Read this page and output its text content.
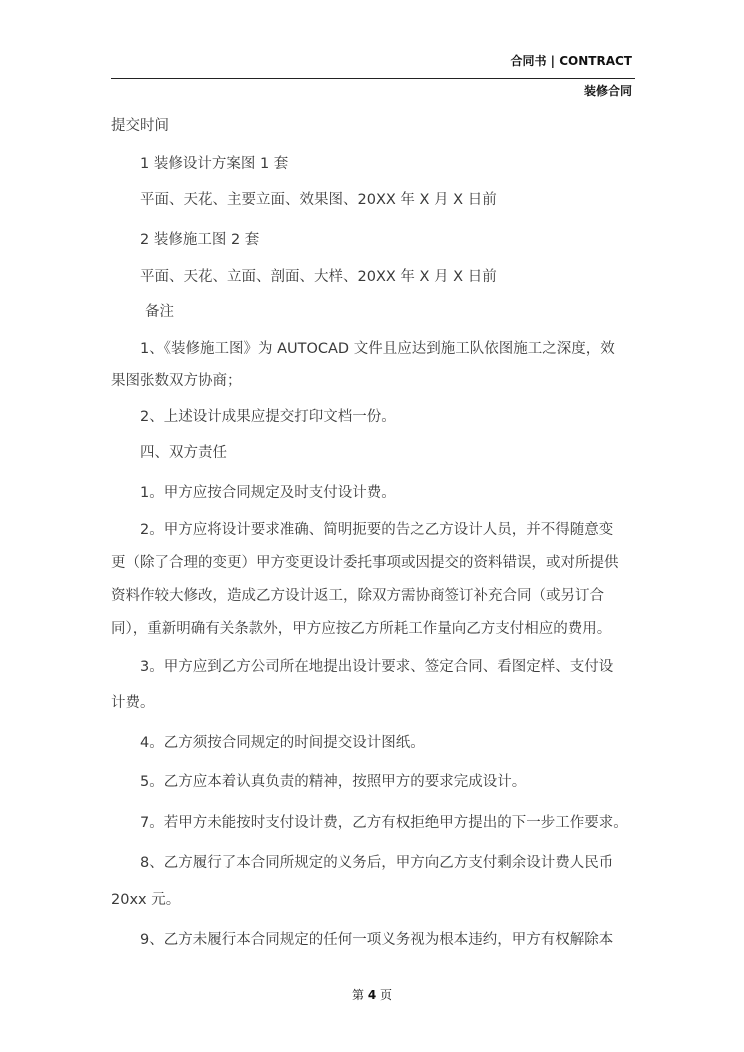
合同书 | CONTRACT
装修合同
提交时间
1 装修设计方案图 1 套
平面、天花、主要立面、效果图、20XX 年 X 月 X 日前
2 装修施工图 2 套
平面、天花、立面、剖面、大样、20XX 年 X 月 X 日前
备注
1、《装修施工图》为 AUTOCAD 文件且应达到施工队依图施工之深度，效
果图张数双方协商；
2、上述设计成果应提交打印文档一份。
四、双方责任
1。甲方应按合同规定及时支付设计费。
2。甲方应将设计要求准确、简明扼要的告之乙方设计人员，并不得随意变
更（除了合理的变更）甲方变更设计委托事项或因提交的资料错误，或对所提供
资料作较大修改，造成乙方设计返工，除双方需协商签订补充合同（或另订合
同），重新明确有关条款外，甲方应按乙方所耗工作量向乙方支付相应的费用。
3。甲方应到乙方公司所在地提出设计要求、签定合同、看图定样、支付设
计费。
4。乙方须按合同规定的时间提交设计图纸。
5。乙方应本着认真负责的精神，按照甲方的要求完成设计。
7。若甲方未能按时支付设计费，乙方有权拒绝甲方提出的下一步工作要求。
8、乙方履行了本合同所规定的义务后，甲方向乙方支付剩余设计费人民币
20xx 元。
9、乙方未履行本合同规定的任何一项义务视为根本违约，甲方有权解除本
第 4 页
